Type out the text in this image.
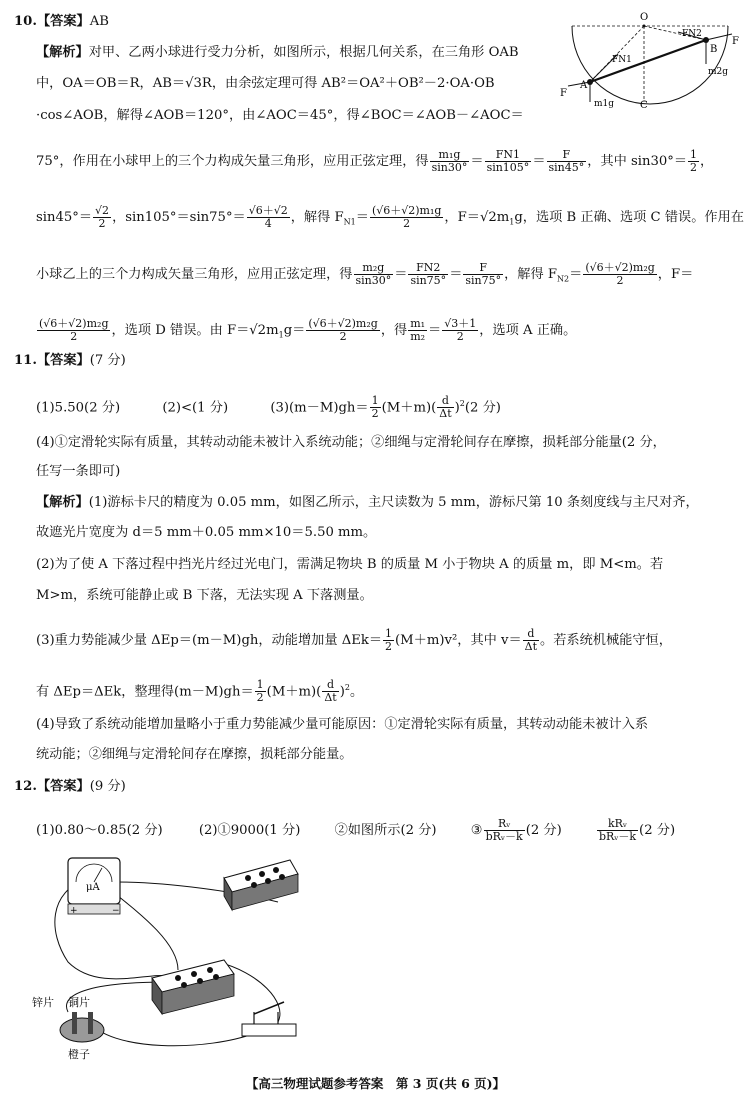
10.【答案】AB
【解析】对甲、乙两小球进行受力分析，如图所示，根据几何关系，在三角形 OAB
中，OA＝OB＝R，AB＝√3R，由余弦定理可得 AB²＝OA²＋OB²－2·OA·OB
·cos∠AOB，解得∠AOB＝120°，由∠AOC＝45°，得∠BOC＝∠AOB－∠AOC＝
O
A
B
C
F
F
FN1
FN2
m1g
m2g
75°，作用在小球甲上的三个力构成矢量三角形，应用正弦定理，得 $\frac{\text{m₁g}}{\sin 30^\circ} = \frac{FN1}{\sin 105^\circ} = \frac{F}{\sin 45^\circ}$ ，其中 $\sin 30^\circ= \frac{1}{2}$ ，
$\sin 45^\circ= \frac{√2}{2}$ ，$\sin 105^\circ=\sin 75^\circ= \frac{√6+√2}{4}$ ，解得 $F_{N1}= \frac{\text{(√6＋√2)m₁g}}{2}$ ，$F=√2m_1g$，选项 B 正确、选项 C 错误。作用在
小球乙上的三个力构成矢量三角形，应用正弦定理，得 $\frac{\text{m₂g}}{\sin 30^\circ} = \frac{FN2}{\sin 75^\circ} = \frac{F}{\sin 75^\circ}$ ，解得 $F_{N2}= \frac{\text{(√6＋√2)m₂g}}{2}$ ，F＝
$\frac{\text{(√6＋√2)m₂g}}{2}$ ，选项 D 错误。由 $F=√2m_1g= \frac{\text{(√6＋√2)m₂g}}{2}$ ，得 $\frac{\text{m₁}}{\text{m₂}} = \frac{√3+1}{2}$ ，选项 A 正确。
11.【答案】(7 分)
(1)5.50(2 分)	(2)<(1 分)	$(3)(m-M)gh= \frac{1}{2} (M+m)( \frac{d}{\Delta t} )^2(2$ 分)
(4)①定滑轮实际有质量，其转动动能未被计入系统动能；②细绳与定滑轮间存在摩擦，损耗部分能量(2 分，
任写一条即可)
【解析】(1)游标卡尺的精度为 0.05 mm，如图乙所示，主尺读数为 5 mm，游标尺第 10 条刻度线与主尺对齐，
故遮光片宽度为 d＝5 mm＋0.05 mm×10＝5.50 mm。
(2)为了使 A 下落过程中挡光片经过光电门，需满足物块 B 的质量 M 小于物块 A 的质量 m，即 M<m。若
M>m，系统可能静止或 B 下落，无法实现 A 下落测量。
(3)重力势能减少量 ΔEp＝(m－M)gh，动能增加量 $\Delta Ek= \frac{1}{2} (M+m)v^2$，其中 $v= \frac{d}{\Delta t}$ 。若系统机械能守恒，
有 ΔEp＝ΔEk，整理得$(m-M)gh= \frac{1}{2} (M+m)( \frac{d}{\Delta t} )^2$。
(4)导致了系统动能增加量略小于重力势能减少量可能原因：①定滑轮实际有质量，其转动动能未被计入系
统动能；②细绳与定滑轮间存在摩擦，损耗部分能量。
12.【答案】(9 分)
(1)0.80～0.85(2 分)	(2)①9000(1 分)	②如图所示(2 分)	③	Rᵥ
bRᵥ－k (2 分)	kRᵥ
bRᵥ－k (2 分)
μA
+	−
锌片 铜片
橙子
【高三物理试题参考答案　第 3 页(共 6 页)】
